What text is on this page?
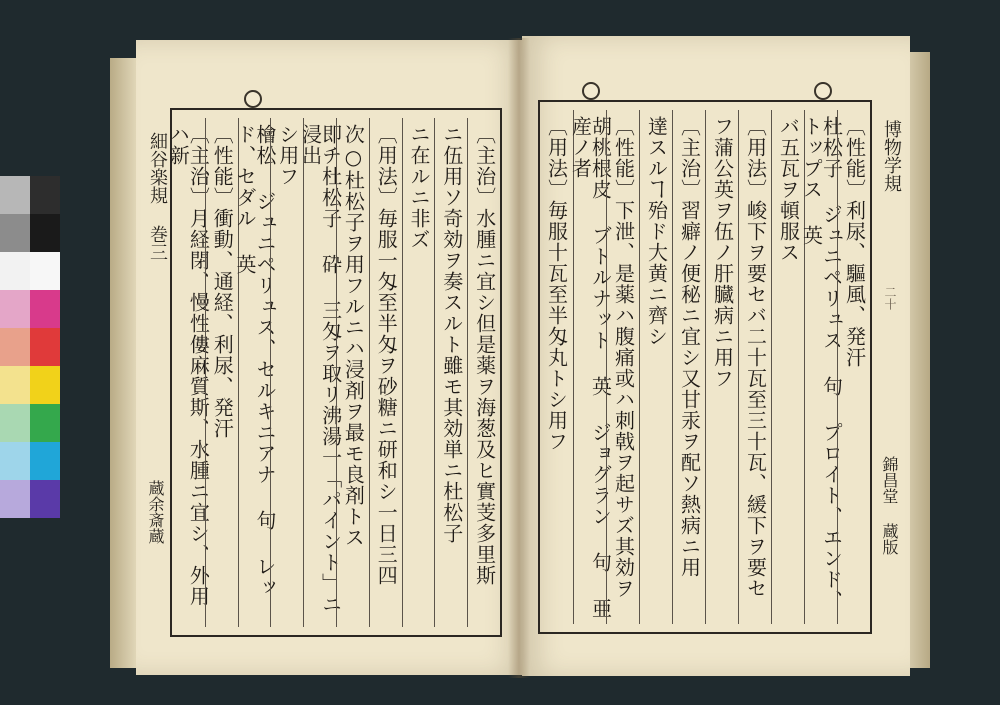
〔主治〕月経閉、慢性僂麻質斯、水腫ニ宜シ、外用ハ新 〔性能〕衝動、通経、利尿、発汗 檜松 ジュニペリュス、セルキニアナ 句 レッド、セダル 英 シ用フ 即チ杜松子 砕 三匁ヲ取リ沸湯一「パイント」ニ浸出 次○杜松子ヲ用フルニハ浸剤ヲ最モ良剤トス 〔用法〕毎服一匁至半匁ヲ砂糖ニ研和シ一日三四 ニ在ルニ非ズ ニ伍用ソ奇効ヲ奏スルト雖モ其効単ニ杜松子 〔主治〕水腫ニ宜シ但是薬ヲ海葱及ヒ實芰多里斯
細谷楽規 巻三
蔵余斎蔵
〔用法〕毎服十瓦至半匁丸トシ用フ	胡桃根皮 ブトルナット 英 ジョグラン 句 亜産ノ者 〔性能〕下泄、是薬ハ腹痛或ハ刺戟ヲ起サズ其効ヲ 達スルヿ殆ド大黄ニ齊シ 〔主治〕習癖ノ便秘ニ宜シ又甘汞ヲ配ソ熱病ニ用 フ蒲公英ヲ伍ノ肝臓病ニ用フ 〔用法〕峻下ヲ要セバ二十瓦至三十瓦、緩下ヲ要セ バ五瓦ヲ頓服ス 杜松子 ジュニペリュス 句 プロイト、エンド、トップス 英 〔性能〕利尿、驅風、発汗 博物学規
錦昌堂 蔵版
二十
